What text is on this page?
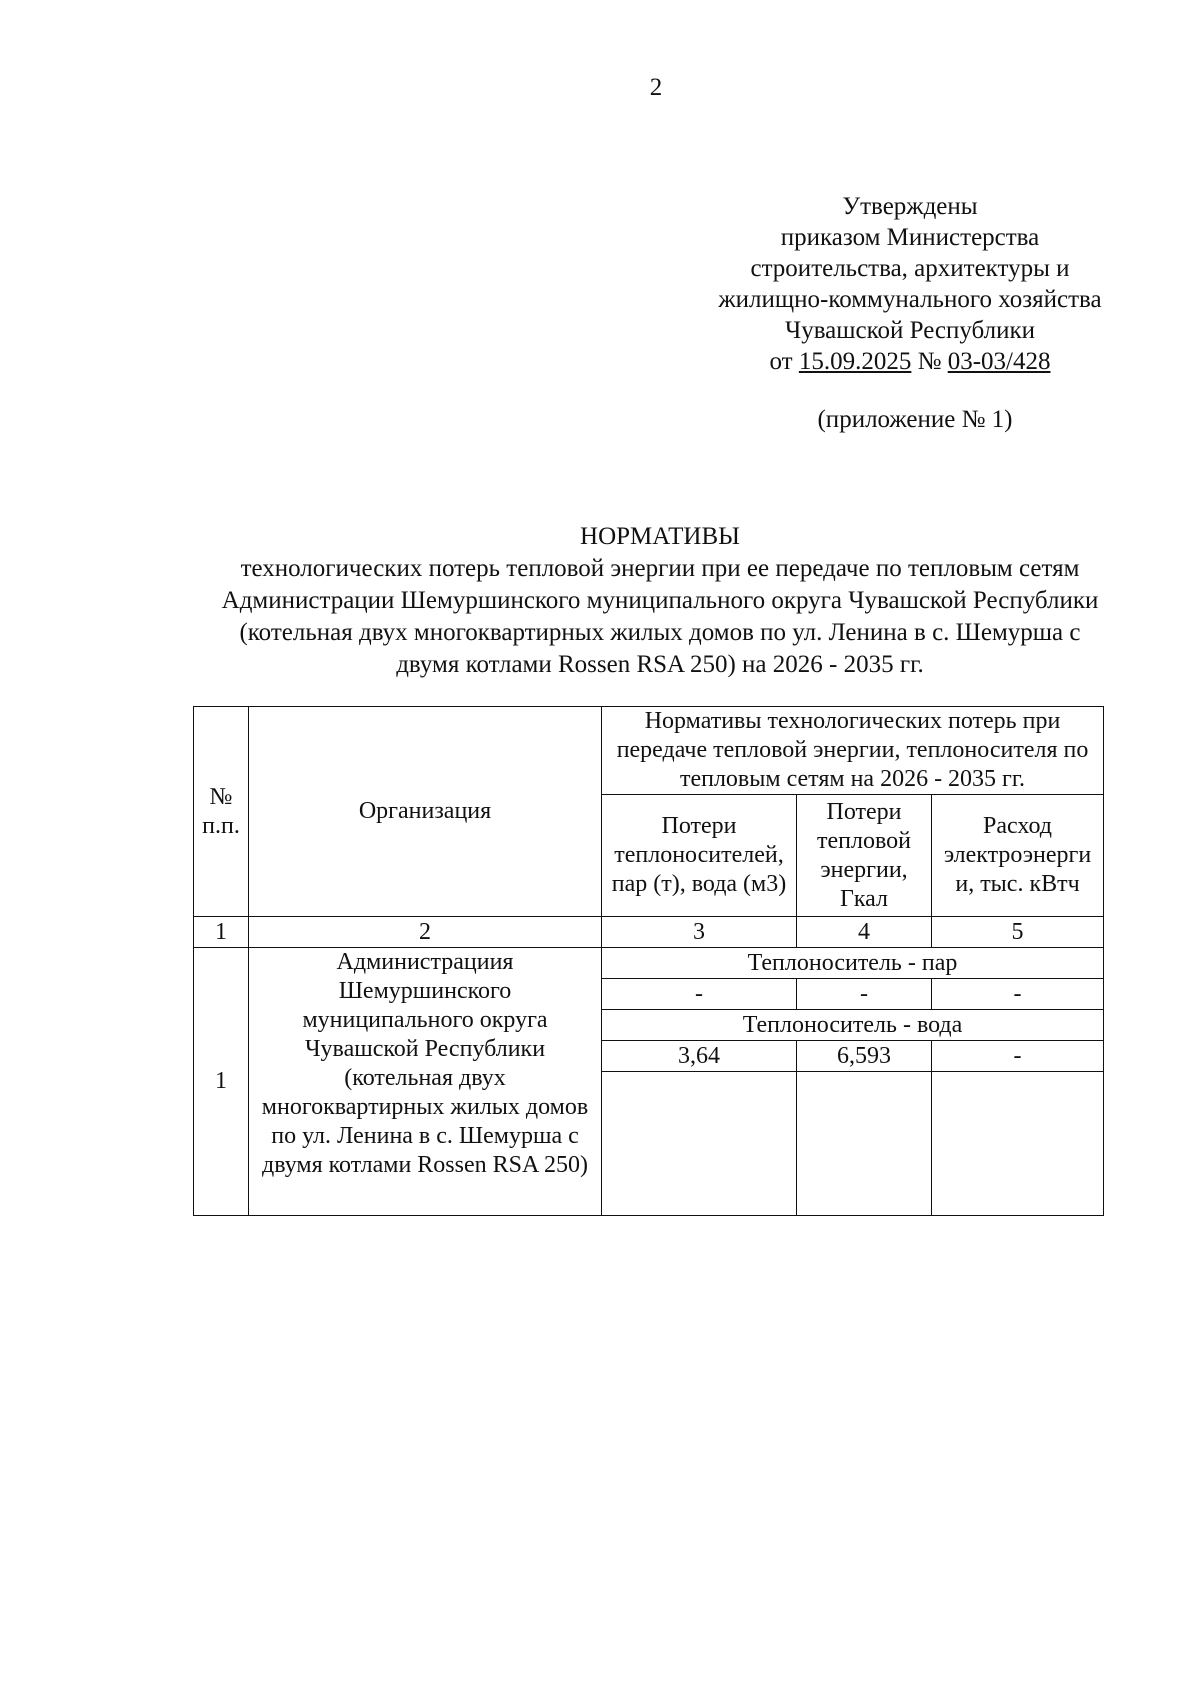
2
Утверждены
приказом Министерства
строительства, архитектуры и
жилищно-коммунального хозяйства
Чувашской Республики
от 15.09.2025 № 03-03/428
(приложение № 1)
НОРМАТИВЫ
технологических потерь тепловой энергии при ее передаче по тепловым сетям
Администрации Шемуршинского муниципального округа Чувашской Республики
(котельная двух многоквартирных жилых домов по ул. Ленина в с. Шемурша с
двумя котлами Rossen RSA 250) на 2026 - 2035 гг.
№ п.п.	Организация	Нормативы технологических потерь при передаче тепловой энергии, теплоносителя по тепловым сетям на 2026 - 2035 гг.		
		Потери теплоносителей, пар (т), вода (м3)	Потери тепловой энергии, Гкал	Расход электроэнерги и, тыс. кВтч
1	2	3	4	5
1	Администрациия Шемуршинского муниципального округа Чувашской Республики (котельная двух многоквартирных жилых домов по ул. Ленина в с. Шемурша с двумя котлами Rossen RSA 250)	Теплоноситель - пар		
		-	-	-
		Теплоноситель - вода		
		3,64	6,593	-
